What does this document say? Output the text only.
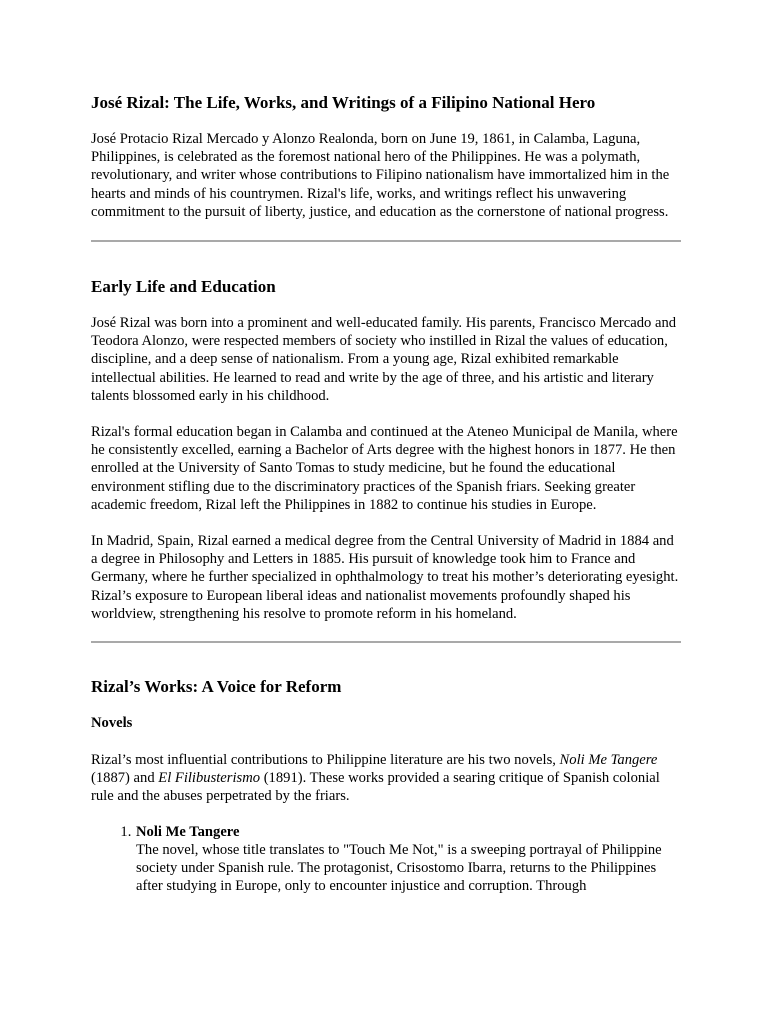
José Rizal: The Life, Works, and Writings of a Filipino National Hero

José Protacio Rizal Mercado y Alonzo Realonda, born on June 19, 1861, in Calamba, Laguna, Philippines, is celebrated as the foremost national hero of the Philippines. He was a polymath, revolutionary, and writer whose contributions to Filipino nationalism have immortalized him in the hearts and minds of his countrymen. Rizal's life, works, and writings reflect his unwavering commitment to the pursuit of liberty, justice, and education as the cornerstone of national progress.

Early Life and Education

José Rizal was born into a prominent and well-educated family. His parents, Francisco Mercado and Teodora Alonzo, were respected members of society who instilled in Rizal the values of education, discipline, and a deep sense of nationalism. From a young age, Rizal exhibited remarkable intellectual abilities. He learned to read and write by the age of three, and his artistic and literary talents blossomed early in his childhood.

Rizal's formal education began in Calamba and continued at the Ateneo Municipal de Manila, where he consistently excelled, earning a Bachelor of Arts degree with the highest honors in 1877. He then enrolled at the University of Santo Tomas to study medicine, but he found the educational environment stifling due to the discriminatory practices of the Spanish friars. Seeking greater academic freedom, Rizal left the Philippines in 1882 to continue his studies in Europe.

In Madrid, Spain, Rizal earned a medical degree from the Central University of Madrid in 1884 and a degree in Philosophy and Letters in 1885. His pursuit of knowledge took him to France and Germany, where he further specialized in ophthalmology to treat his mother’s deteriorating eyesight. Rizal’s exposure to European liberal ideas and nationalist movements profoundly shaped his worldview, strengthening his resolve to promote reform in his homeland.

Rizal’s Works: A Voice for Reform
Novels

Rizal’s most influential contributions to Philippine literature are his two novels, Noli Me Tangere (1887) and El Filibusterismo (1891). These works provided a searing critique of Spanish colonial rule and the abuses perpetrated by the friars.

1. Noli Me Tangere
The novel, whose title translates to "Touch Me Not," is a sweeping portrayal of Philippine society under Spanish rule. The protagonist, Crisostomo Ibarra, returns to the Philippines after studying in Europe, only to encounter injustice and corruption. Through
